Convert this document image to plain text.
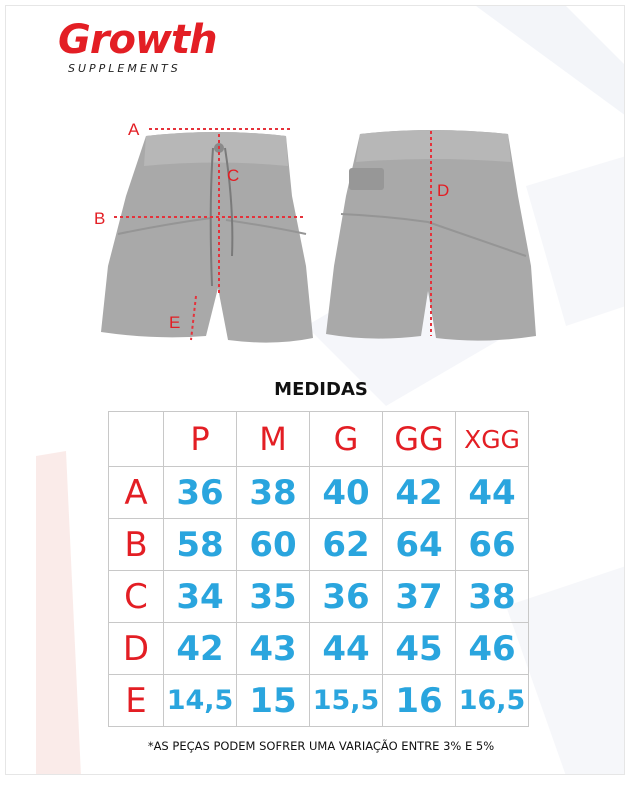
Growth
SUPPLEMENTS
A
B
C
D
E
MEDIDAS
	P	M	G	GG	XGG
A	36	38	40	42	44
B	58	60	62	64	66
C	34	35	36	37	38
D	42	43	44	45	46
E	14,5	15	15,5	16	16,5
*AS PEÇAS PODEM SOFRER UMA VARIAÇÃO ENTRE 3% E 5%
